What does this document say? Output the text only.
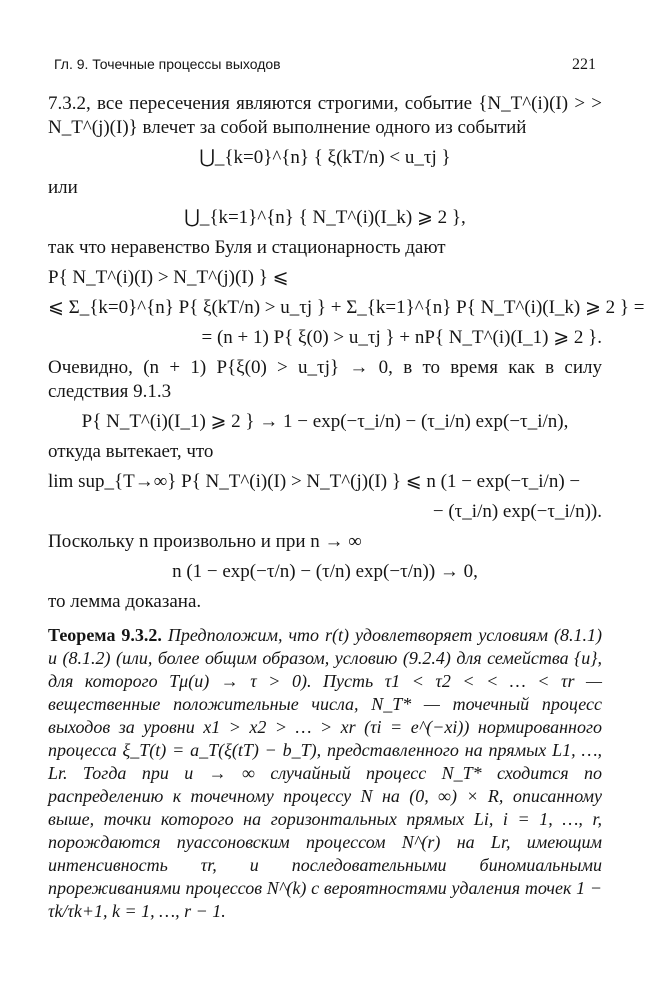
Гл. 9. Точечные процессы выходов	221

7.3.2, все пересечения являются строгими, событие {N_T^(i)(I) > > N_T^(j)(I)} влечет за собой выполнение одного из событий

⋃_{k=0}^{n} { ξ(kT/n) < u_τj }

или

⋃_{k=1}^{n} { N_T^(i)(I_k) ⩾ 2 },

так что неравенство Буля и стационарность дают

P{ N_T^(i)(I) > N_T^(j)(I) } ⩽
⩽ Σ_{k=0}^{n} P{ ξ(kT/n) > u_τj } + Σ_{k=1}^{n} P{ N_T^(i)(I_k) ⩾ 2 } =
= (n + 1) P{ ξ(0) > u_τj } + nP{ N_T^(i)(I_1) ⩾ 2 }.

Очевидно, (n + 1) P{ξ(0) > u_τj} → 0, в то время как в силу следствия 9.1.3

P{ N_T^(i)(I_1) ⩾ 2 } → 1 − exp(−τ_i/n) − (τ_i/n) exp(−τ_i/n),

откуда вытекает, что

lim sup_{T→∞} P{ N_T^(i)(I) > N_T^(j)(I) } ⩽ n (1 − exp(−τ_i/n) −
− (τ_i/n) exp(−τ_i/n)).

Поскольку n произвольно и при n → ∞

n (1 − exp(−τ/n) − (τ/n) exp(−τ/n)) → 0,

то лемма доказана.

Теорема 9.3.2. Предположим, что r(t) удовлетворяет условиям (8.1.1) и (8.1.2) (или, более общим образом, условию (9.2.4) для семейства {u}, для которого Tμ(u) → τ > 0). Пусть τ1 < τ2 < < … < τr — вещественные положительные числа, N_T* — точечный процесс выходов за уровни x1 > x2 > … > xr (τi = e^(−xi)) нормированного процесса ξ_T(t) = a_T(ξ(tT) − b_T), представленного на прямых L1, …, Lr. Тогда при u → ∞ случайный процесс N_T* сходится по распределению к точечному процессу N на (0, ∞) × R, описанному выше, точки которого на горизонтальных прямых Li, i = 1, …, r, порождаются пуассоновским процессом N^(r) на Lr, имеющим интенсивность τr, и последовательными биномиальными прореживаниями процессов N^(k) с вероятностями удаления точек 1 − τk/τk+1, k = 1, …, r − 1.
